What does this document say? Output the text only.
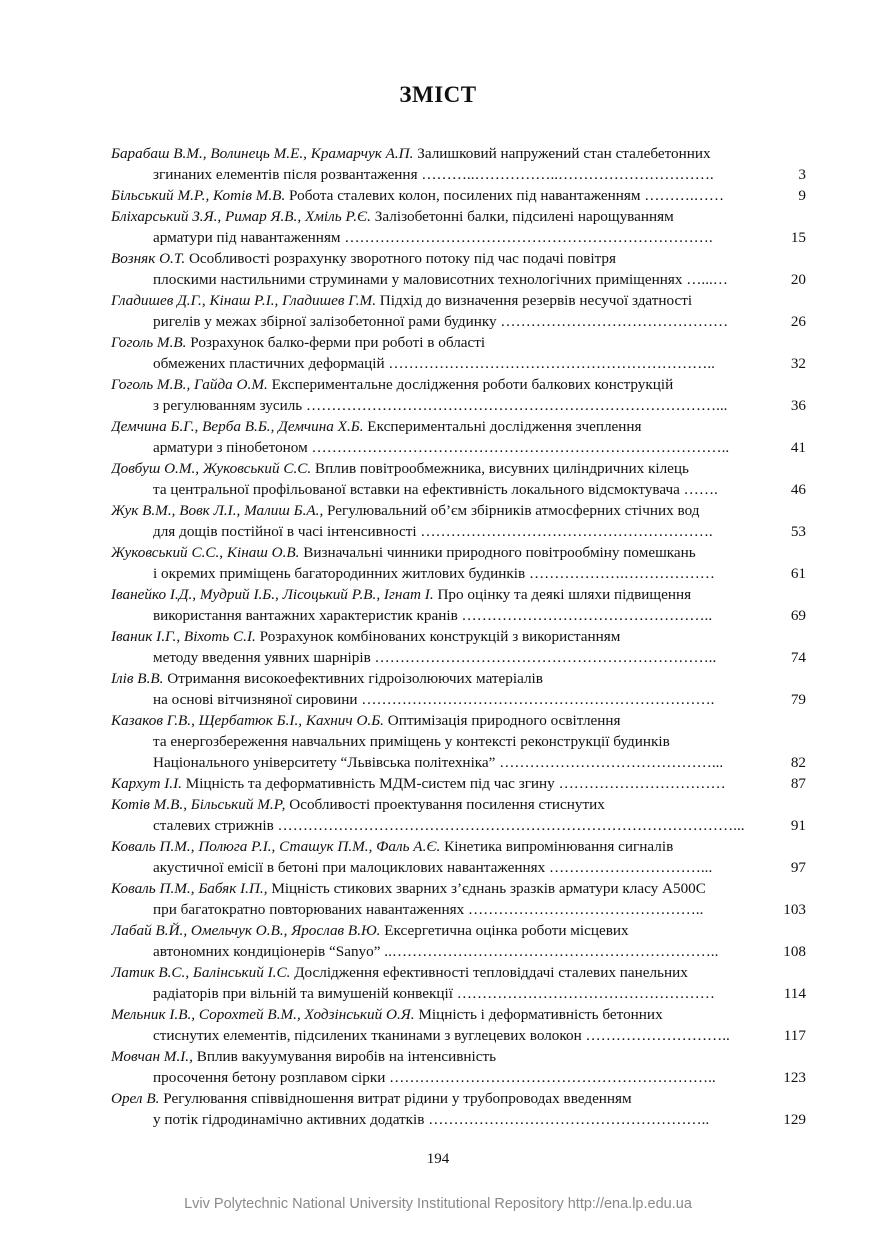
ЗМІСТ
Барабаш В.М., Волинець М.Е., Крамарчук А.П. Залишковий напружений стан сталебетонних
згинаних елементів після розвантаження ………..……………..………………………….	3
Більський М.Р., Котів М.В. Робота сталевих колон, посилених під навантаженням ……….……	9
Бліхарський З.Я., Римар Я.В., Хміль Р.Є. Залізобетонні балки, підсилені нарощуванням
арматури під навантаженням ……………………………………………………………….	15
Возняк О.Т. Особливості розрахунку зворотного потоку під час подачі повітря
плоскими настильними струминами у маловисотних технологічних приміщеннях …...…	20
Гладишев Д.Г., Кінаш Р.І., Гладишев Г.М. Підхід до визначення резервів несучої здатності
ригелів у межах збірної залізобетонної рами будинку ………………………………………	26
Гоголь М.В. Розрахунок балко-ферми при роботі в області
обмежених пластичних деформацій ………………………………………………………..	32
Гоголь М.В., Гайда О.М. Експериментальне дослідження роботи балкових конструкцій
з регулюванням зусиль ………………………………………………………………………...	36
Демчина Б.Г., Верба В.Б., Демчина Х.Б. Експериментальні дослідження зчеплення
арматури з пінобетоном ………………………………………………………………………..	41
Довбуш О.М., Жуковський С.С. Вплив повітрообмежника, висувних циліндричних кілець
та центральної профільованої вставки на ефективність локального відсмоктувача …….	46
Жук В.М., Вовк Л.І., Малиш Б.А., Регулювальний об’єм збірників атмосферних стічних вод
для дощів постійної в часі інтенсивності ………………………………………………….	53
Жуковський С.С., Кінаш О.В. Визначальні чинники природного повітрообміну помешкань
і окремих приміщень багатородинних житлових будинків ……………….………………	61
Іванейко І.Д., Мудрий І.Б., Лісоцький Р.В., Ігнат І. Про оцінку та деякі шляхи підвищення
використання вантажних характеристик кранів …………………………………………..	69
Іваник І.Г., Віхоть С.І. Розрахунок комбінованих конструкцій з використанням
методу введення уявних шарнірів …………………………………………………………..	74
Ілів В.В. Отримання високоефективних гідроізолюючих матеріалів
на основі вітчизняної сировини …………………………………………………………….	79
Казаков Г.В., Щербатюк Б.І., Кахнич О.Б. Оптимізація природного освітлення
та енергозбереження навчальних приміщень у контексті реконструкції будинків
Національного університету “Львівська політехніка” ……………………………………...	82
Кархут І.І. Міцність та деформативність МДМ-систем під час згину ……………………………	87
Котів М.В., Більський М.Р, Особливості проектування посилення стиснутих
сталевих стрижнів ………………………………………………………………………………...	91
Коваль П.М., Полюга Р.І., Сташук П.М., Фаль А.Є. Кінетика випромінювання сигналів
акустичної емісії в бетоні при малоциклових навантаженнях …………………………...	97
Коваль П.М., Бабяк І.П., Міцність стикових зварних з’єднань зразків арматури класу А500С
при багатократно повторюваних навантаженнях ………………………………………..	103
Лабай В.Й., Омельчук О.В., Ярослав В.Ю. Ексергетична оцінка роботи місцевих
автономних кондиціонерів “Sanyo” ..………………………………………………………..	108
Латик В.С., Балінський І.С. Дослідження ефективності тепловіддачі сталевих панельних
радіаторів при вільній та вимушеній конвекції ……………………………………………	114
Мельник І.В., Сорохтей В.М., Ходзінський О.Я. Міцність і деформативність бетонних
стиснутих елементів, підсилених тканинами з вуглецевих волокон ………………………..	117
Мовчан М.І., Вплив вакуумування виробів на інтенсивність
просочення бетону розплавом сірки ………………………………………………………..	123
Орел В. Регулювання співвідношення витрат рідини у трубопроводах введенням
у потік гідродинамічно активних додатків ………………………………………………..	129
194
Lviv Polytechnic National University Institutional Repository http://ena.lp.edu.ua
